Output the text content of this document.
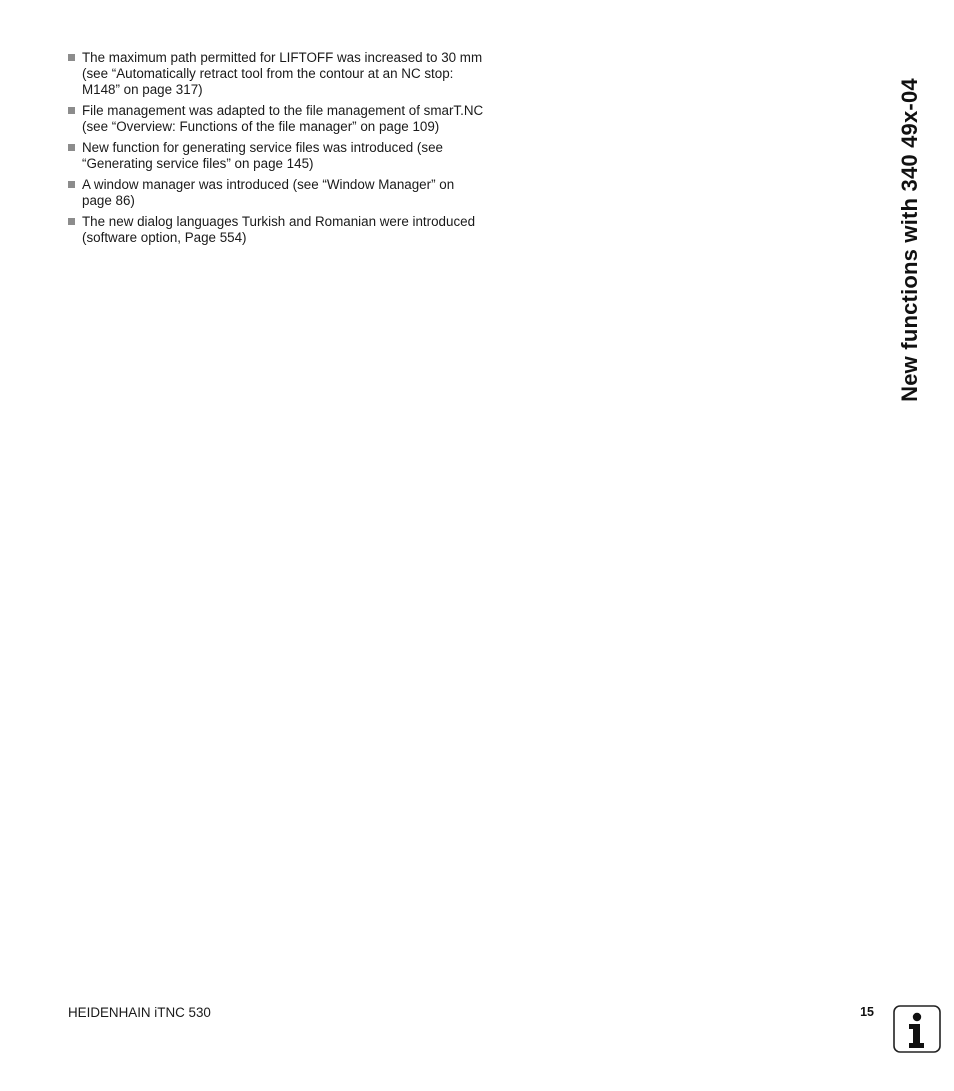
The maximum path permitted for LIFTOFF was increased to 30 mm
(see “Automatically retract tool from the contour at an NC stop:
M148” on page 317)
File management was adapted to the file management of smarT.NC
(see “Overview: Functions of the file manager” on page 109)
New function for generating service files was introduced (see
“Generating service files” on page 145)
A window manager was introduced (see “Window Manager” on
page 86)
The new dialog languages Turkish and Romanian were introduced
(software option, Page 554)	New functions with 340 49x-04
HEIDENHAIN iTNC 530	15
